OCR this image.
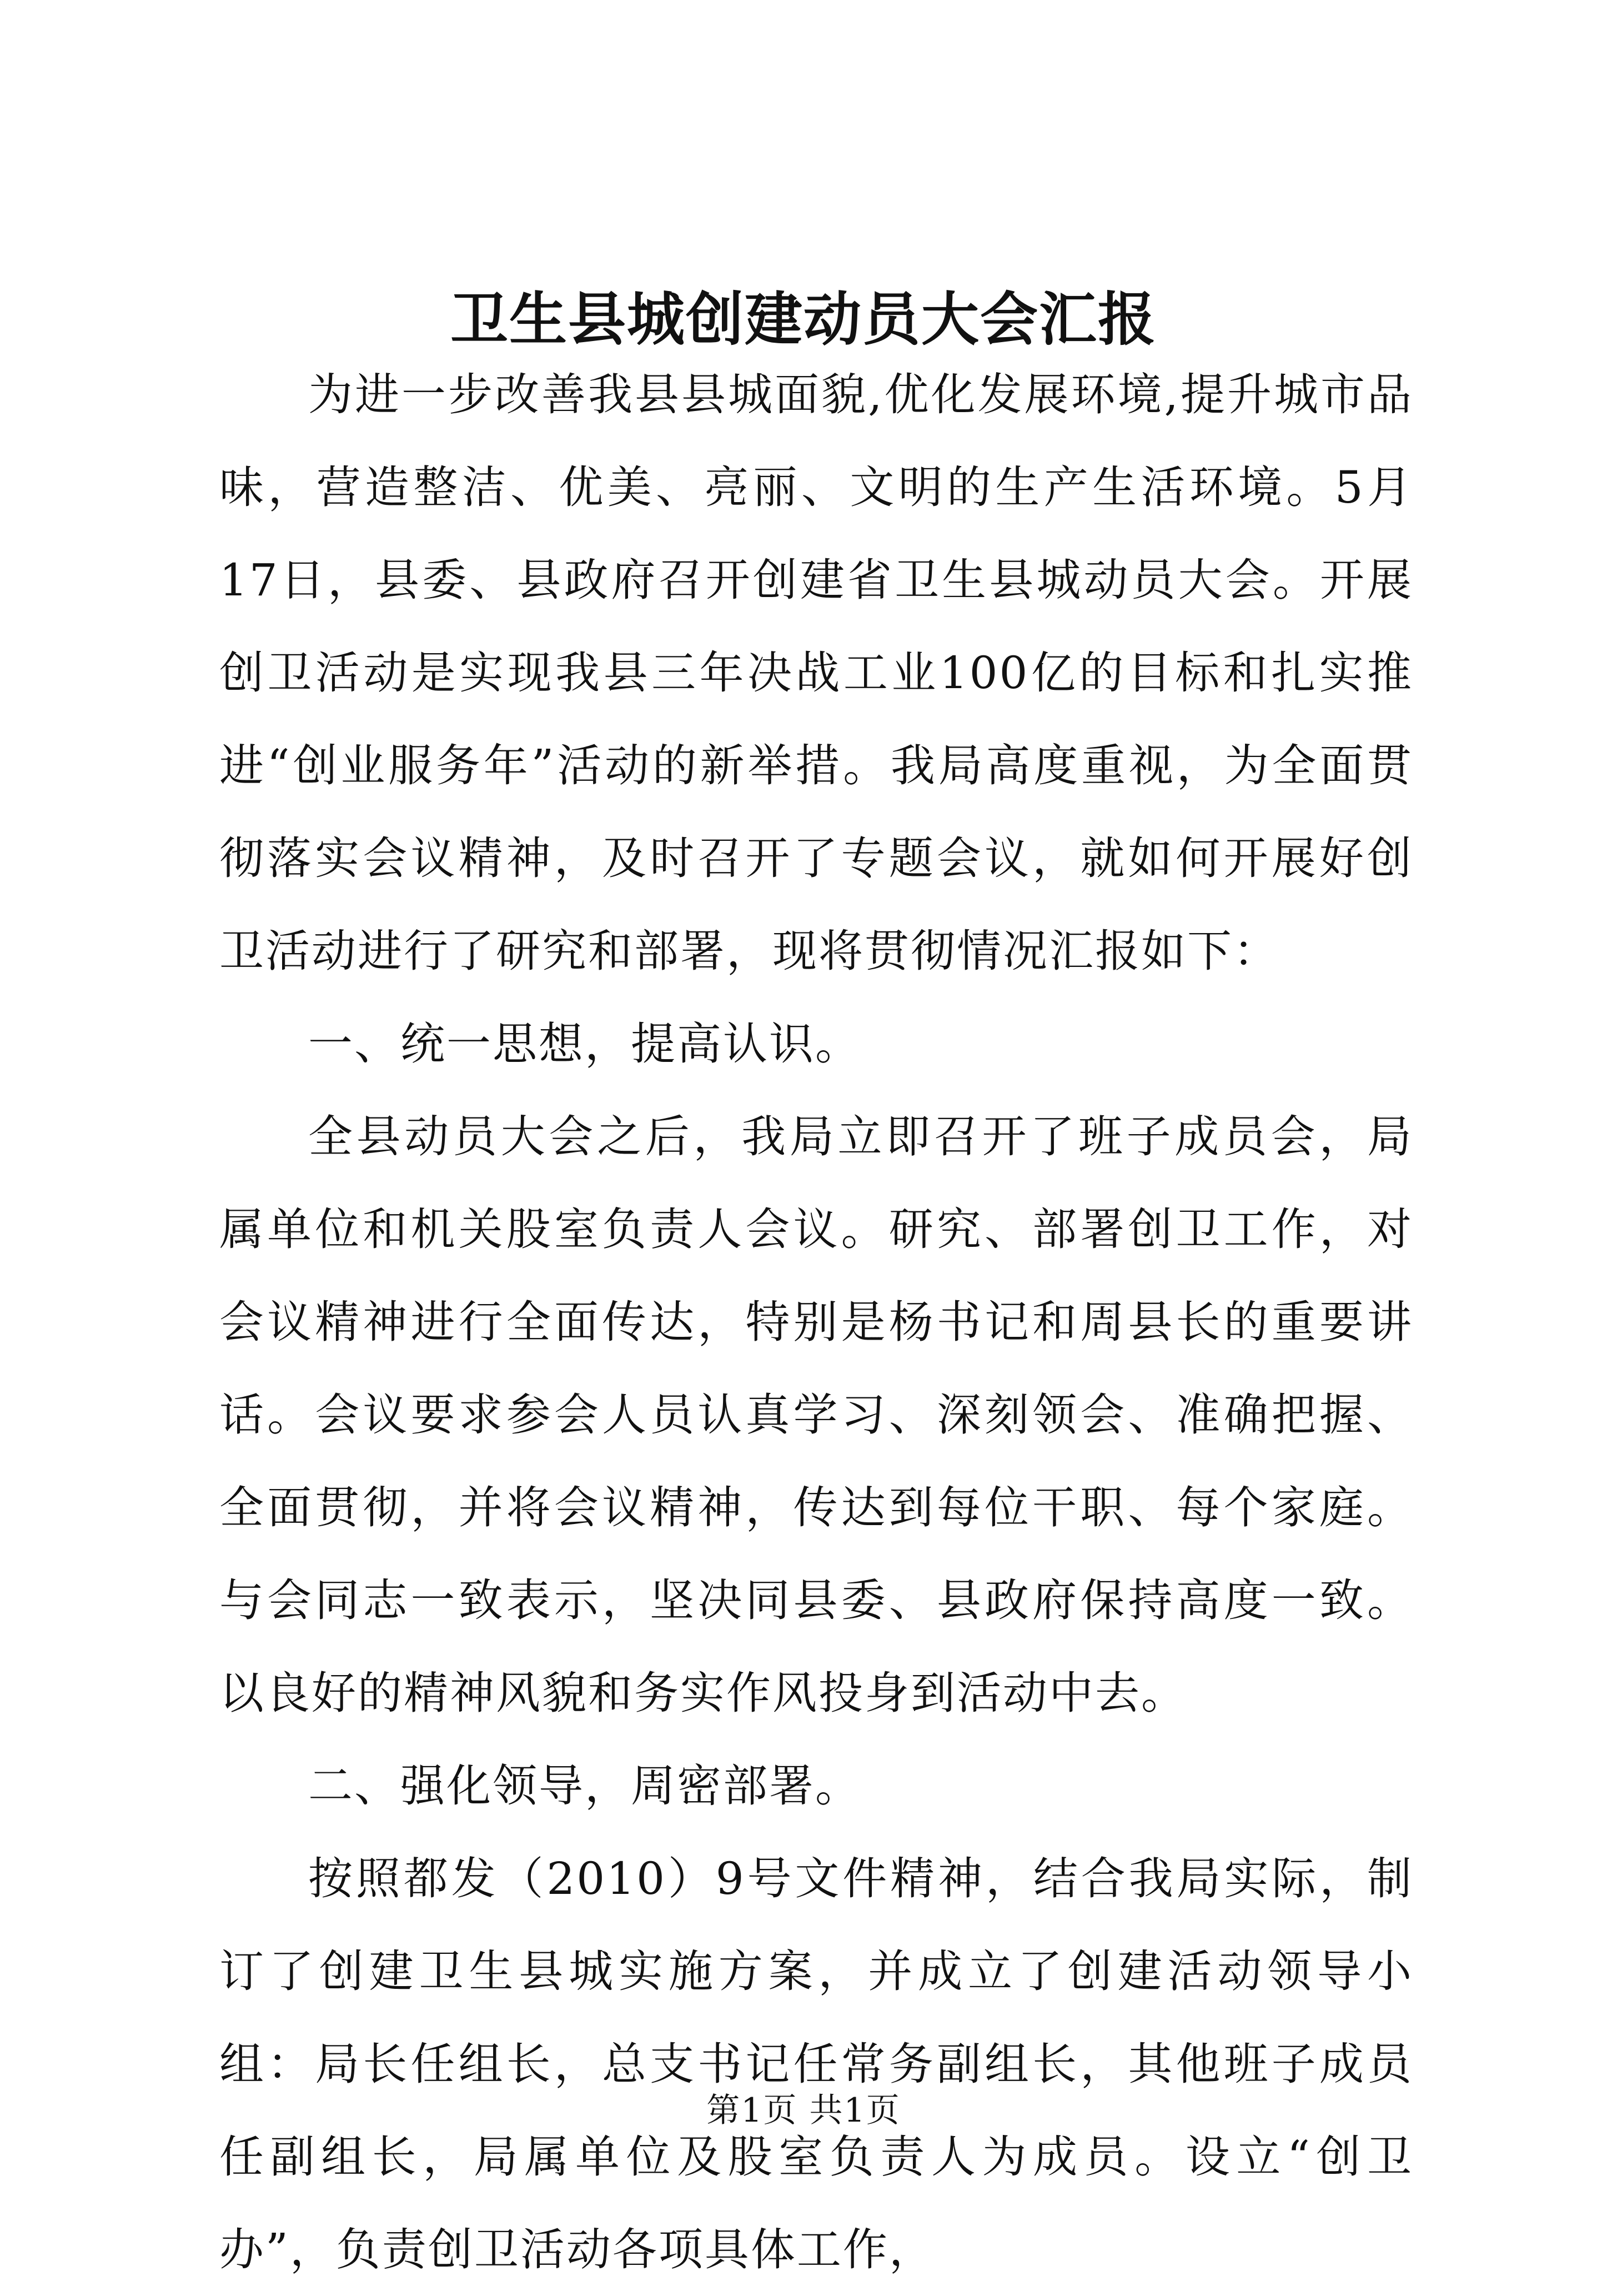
卫生县城创建动员大会汇报

为进一步改善我县县城面貌,优化发展环境,提升城市品味，营造整洁、优美、亮丽、文明的生产生活环境。5月17日，县委、县政府召开创建省卫生县城动员大会。开展创卫活动是实现我县三年决战工业100亿的目标和扎实推进“创业服务年”活动的新举措。我局高度重视，为全面贯彻落实会议精神，及时召开了专题会议，就如何开展好创卫活动进行了研究和部署，现将贯彻情况汇报如下：

一、统一思想，提高认识。

全县动员大会之后，我局立即召开了班子成员会，局属单位和机关股室负责人会议。研究、部署创卫工作，对会议精神进行全面传达，特别是杨书记和周县长的重要讲话。会议要求参会人员认真学习、深刻领会、准确把握、全面贯彻，并将会议精神，传达到每位干职、每个家庭。与会同志一致表示，坚决同县委、县政府保持高度一致。以良好的精神风貌和务实作风投身到活动中去。

二、强化领导，周密部署。

按照都发（2010）9号文件精神，结合我局实际，制订了创建卫生县城实施方案，并成立了创建活动领导小组：局长任组长，总支书记任常务副组长，其他班子成员任副组长，局属单位及股室负责人为成员。设立“创卫办”，负责创卫活动各项具体工作，

第1页 共1页
